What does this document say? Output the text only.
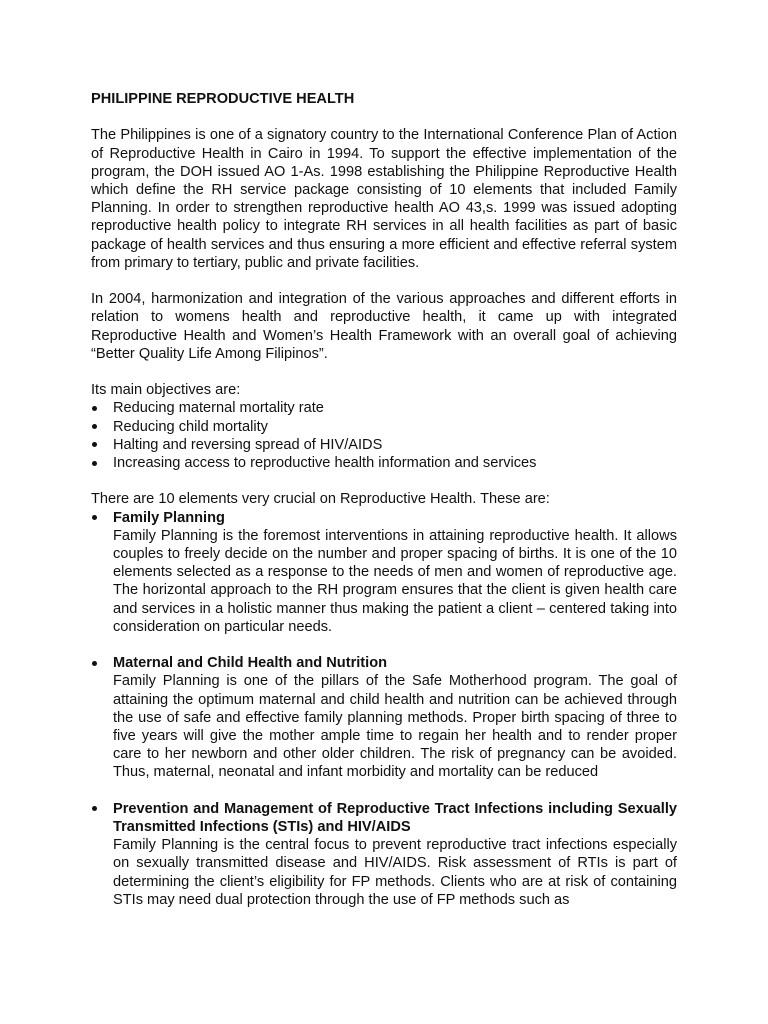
PHILIPPINE REPRODUCTIVE HEALTH

The Philippines is one of a signatory country to the International Conference Plan of Action of Reproductive Health in Cairo in 1994. To support the effective implementation of the program, the DOH issued AO 1-As. 1998 establishing the Philippine Reproductive Health which define the RH service package consisting of 10 elements that included Family Planning. In order to strengthen reproductive health AO 43,s. 1999 was issued adopting reproductive health policy to integrate RH services in all health facilities as part of basic package of health services and thus ensuring a more efficient and effective referral system from primary to tertiary, public and private facilities.

In 2004, harmonization and integration of the various approaches and different efforts in relation to womens health and reproductive health, it came up with integrated Reproductive Health and Women’s Health Framework with an overall goal of achieving “Better Quality Life Among Filipinos”.

Its main objectives are:
Reducing maternal mortality rate
Reducing child mortality
Halting and reversing spread of HIV/AIDS
Increasing access to reproductive health information and services
There are 10 elements very crucial on Reproductive Health. These are:
Family Planning
Family Planning is the foremost interventions in attaining reproductive health. It allows couples to freely decide on the number and proper spacing of births. It is one of the 10 elements selected as a response to the needs of men and women of reproductive age. The horizontal approach to the RH program ensures that the client is given health care and services in a holistic manner thus making the patient a client – centered taking into consideration on particular needs.
Maternal and Child Health and Nutrition
Family Planning is one of the pillars of the Safe Motherhood program. The goal of attaining the optimum maternal and child health and nutrition can be achieved through the use of safe and effective family planning methods. Proper birth spacing of three to five years will give the mother ample time to regain her health and to render proper care to her newborn and other older children. The risk of pregnancy can be avoided. Thus, maternal, neonatal and infant morbidity and mortality can be reduced
Prevention and Management of Reproductive Tract Infections including Sexually Transmitted Infections (STIs) and HIV/AIDS
Family Planning is the central focus to prevent reproductive tract infections especially on sexually transmitted disease and HIV/AIDS. Risk assessment of RTIs is part of determining the client’s eligibility for FP methods. Clients who are at risk of containing STIs may need dual protection through the use of FP methods such as
